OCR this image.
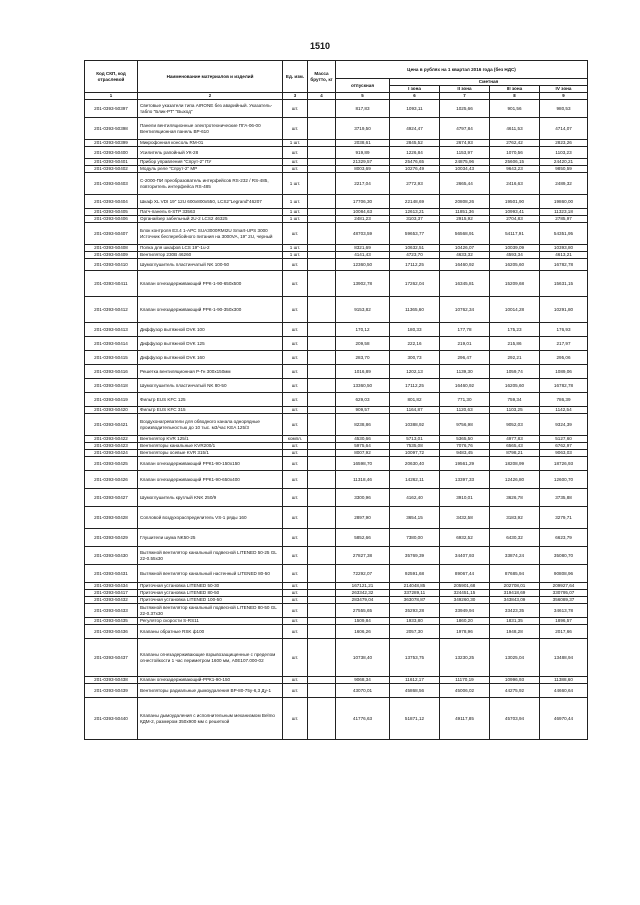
1510
Код СКП, код отраслевой	Наименование материалов и изделий	Ед. изм.	Масса брутто, кг	Цена в рублях на 1 квартал 2016 года (без НДС)				
				отпускная	Сметная			
					I зона	II зона	III зона	IV зона
1	2	3	4	5	6	7	8	9
201-0393-50397	Световые указатели типа AIRONE без аварийный. Указатель-табло "Блик-РТ" "Выход"	шт.		817,83	1093,11	1025,66	901,56	980,53
201-0393-50398	Панели вентиляционные электротехнические ПГА-06-00 Вентиляционная панель ВР-610	шт.		3719,50	4924,47	4797,84	4611,53	4714,07
201-0393-50399	Микрофонная консоль RM-01	1 шт.		2038,61	2845,52	2674,93	2762,42	2823,26
201-0393-50400	Усилитель рапойный УК-28	шт.		919,89	1226,84	1153,97	1070,56	1103,23
201-0393-50401	Прибор управления "Спрут-2" ПУ	шт.		21329,57	25476,65	24875,96	25606,15	24420,21
201-0393-50402	Модуль реле "Спрут-2" МР	шт.		8003,69	10276,49	10034,43	9643,23	9850,59
201-0393-50403	С-2000-ПИ преобразователь интерфейсов RS-232 / RS-485, повторитель интерфейса RS-485	1 шт.		2217,04	2772,93	2665,44	2416,63	2489,32
201-0393-50404	Шкаф XL VDI 19" 12U 600x800x550, LCS2"Legrand"46207	1 шт.		17706,30	22148,69	20808,26	19501,90	19860,00
201-0393-50405	Патч-панель 6-STP 33563	1 шт.		10084,63	12613,21	11851,36	10993,41	11323,18
201-0393-50406	Органайзер забельный 2U-2 LCS2 46325	1 шт.		2481,23	3103,37	2915,92	2704,83	2785,97
201-0393-50407	Блок контроля Е3.4 1-APC SUA3000RMI2U Smart-UPS 3000 Источник бесперебойного питания на 3000VA, 19" 2U, черный	шт.		48703,59	59653,77	56568,91	54117,91	54351,95
201-0393-50408	Полка для шкафов LCS 19"-1u-2	1 шт.		8321,69	10632,51	10426,07	10039,09	10393,80
201-0393-50409	Вентилятор 230В 46260	1 шт.		4141,43	4723,70	4633,32	4593,34	4613,21
201-0393-50410	Шумоглушитель пластинчатый NK 100-50	шт.		12360,50	17112,25	16460,92	16205,60	16782,78
201-0393-50411	Клапан огнезадерживающий РРК-1-90-650х500	шт.		13902,78	17262,04	16345,81	15209,68	15631,15
201-0393-50412	Клапан огнезадерживающий РРК-1-90-350х300	шт.		9153,82	11365,60	10762,34	10014,28	10291,80
201-0393-50413	Диффузор вытяжной DVK 100	шт.		170,12	180,33	177,78	175,23	176,93
201-0393-50414	Диффузор вытяжной DVK 125	шт.		209,58	222,16	219,01	215,86	217,97
201-0393-50415	Диффузор вытяжной DVK 160	шт.		283,70	300,73	296,47	292,21	295,06
201-0393-50416	Решетка вентиляционная Р-Гн 300х150мм	шт.		1016,89	1202,13	1139,30	1059,74	1089,06
201-0393-50418	Шумоглушитель пластинчатый NK 80-50	шт.		13360,50	17112,25	16460,92	16205,60	16782,78
201-0393-50419	Фильтр EUS KFC 125	шт.		629,03	801,82	771,30	759,34	786,39
201-0393-50420	Фильтр EUS KFC 315	шт.		909,57	1164,87	1120,63	1103,25	1142,54
201-0393-50421	Воздухонагреватели для обводного канала однорядные производительностью до 10 тыс. м3/час KEA 125/3	шт.		8238,86	10388,92	9756,98	9052,03	9324,39
201-0393-50422	Вентилятор KVR 125/1	компл.		4530,66	5713,01	5365,50	4977,83	5127,60
201-0393-50423	Вентиляторы канальные KVR200/1	шт.		5975,64	7535,08	7076,76	6565,43	6762,97
201-0393-50424	Вентиляторы осевые KVR 315/1	шт.		8007,92	10097,72	9483,45	8798,21	9063,03
201-0393-50425	Клапан огнезадерживающий РРК1-90-150х150	шт.		16598,70	20630,40	19561,29	18208,99	18726,93
201-0393-50426	Клапан огнезадерживающий РРК1-90-650х400	шт.		11318,46	14262,11	13397,33	12426,80	12600,70
201-0393-50427	Шумоглушитель круглый KNK 250/9	шт.		3300,96	4162,40	3910,01	3626,78	3735,88
201-0393-50428	Сопловой воздухораспределитель VS-1 ряды 160	шт.		2897,90	3654,15	3432,58	3183,92	3279,71
201-0393-50429	Глушители шума NK50-25	шт.		5852,66	7380,00	6932,52	6430,32	6623,79
201-0393-50430	Вытяжной вентилятор канальный подвесной LITENED 50-25 GL 22-0.55x30	шт.		27827,38	35769,39	34407,93	33874,24	35080,70
201-0393-50431	Вытяжной вентилятор канальный настенный LITENED 80-50	шт.		72292,07	92591,68	89067,44	87685,94	90808,96
201-0393-50434	Приточная установка LITENED 50-30	шт.		167121,21	214048,85	205901,68	202708,01	209927,64
201-0393-50417	Приточная установка LITENED 80-50	шт.		263342,32	337289,11	324451,15	319418,69	330795,07
201-0393-50432	Приточная установка LITENED 100-50	шт.		283479,04	363078,87	349260,30	343843,09	356089,37
201-0393-50433	Вытяжной вентилятор канальный подвесной LITENED 80-50 GL 22-0.37x30	шт.		27555,65	35293,28	33949,94	33423,35	34613,78
201-0393-50435	Регулятор скорости S-RS11	шт.		1509,84	1933,80	1860,20	1831,35	1896,57
201-0393-50436	Клапаны обратные RSK ф100	шт.		1606,26	2057,30	1978,96	1948,28	2017,66
201-0393-50437	Клапаны огнезадерживающие взрывозащищенные с пределом огнестойкости 1 час периметром 1600 мм, А0Е107.000-02	шт.		10738,40	13753,75	13230,25	13025,04	13488,94
201-0393-50438	Клапан огнезадерживающий-РРК1-90-150	шт.		9068,34	11612,17	11170,19	10996,93	11388,60
201-0393-50439	Вентиляторы радиальные дымоудаления ВР-80-75у-6,3 Ду-1	шт.		43070,01	45868,56	45006,02	44275,92	44660,64
201-0393-50440	Клапаны дымоудаления с исполнительным механизмом Belmo КДМ-2, размером 350х900 мм с решеткой	шт.		41776,63	51871,12	49117,85	45703,94	46970,44
